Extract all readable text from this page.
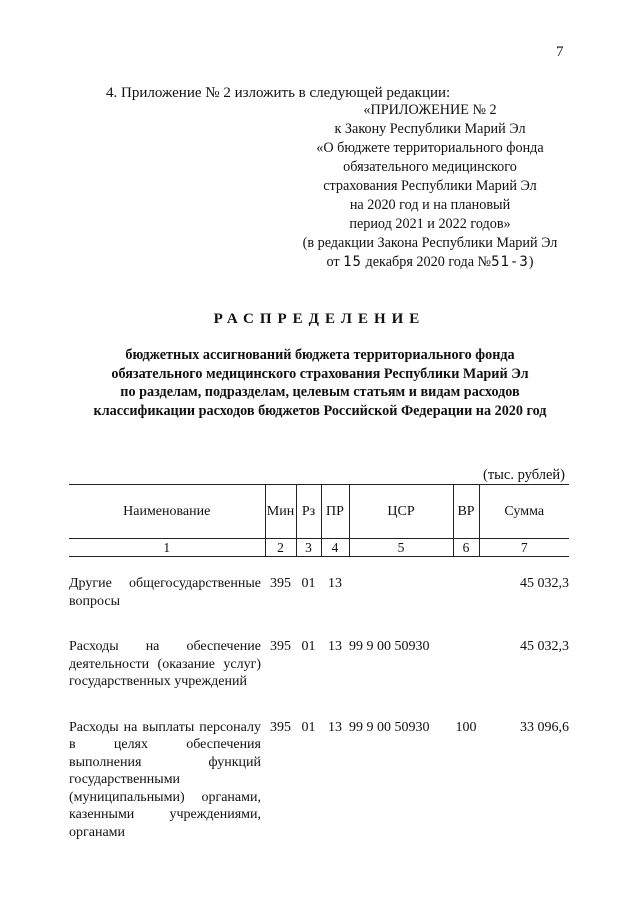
7
4. Приложение № 2 изложить в следующей редакции:
«ПРИЛОЖЕНИЕ № 2
к Закону Республики Марий Эл
«О бюджете территориального фонда
обязательного медицинского
страхования Республики Марий Эл
на 2020 год и на плановый
период 2021 и 2022 годов»
(в редакции Закона Республики Марий Эл
от 15 декабря 2020 года №51-З)
РАСПРЕДЕЛЕНИЕ
бюджетных ассигнований бюджета территориального фонда
обязательного медицинского страхования Республики Марий Эл
по разделам, подразделам, целевым статьям и видам расходов
классификации расходов бюджетов Российской Федерации на 2020 год
(тыс. рублей)
Наименование	Мин	Рз	ПР	ЦСР	ВР	Сумма
1	2	3	4	5	6	7

Другие общегосударственные вопросы	395	01	13			45 032,3

Расходы на обеспечение деятельности (оказание услуг) государственных учреждений	395	01	13	99 9 00 50930		45 032,3

Расходы на выплаты персоналу в целях обеспечения выполнения функций государственными (муниципальными) органами, казенными учреждениями, органами	395	01	13	99 9 00 50930	100	33 096,6
